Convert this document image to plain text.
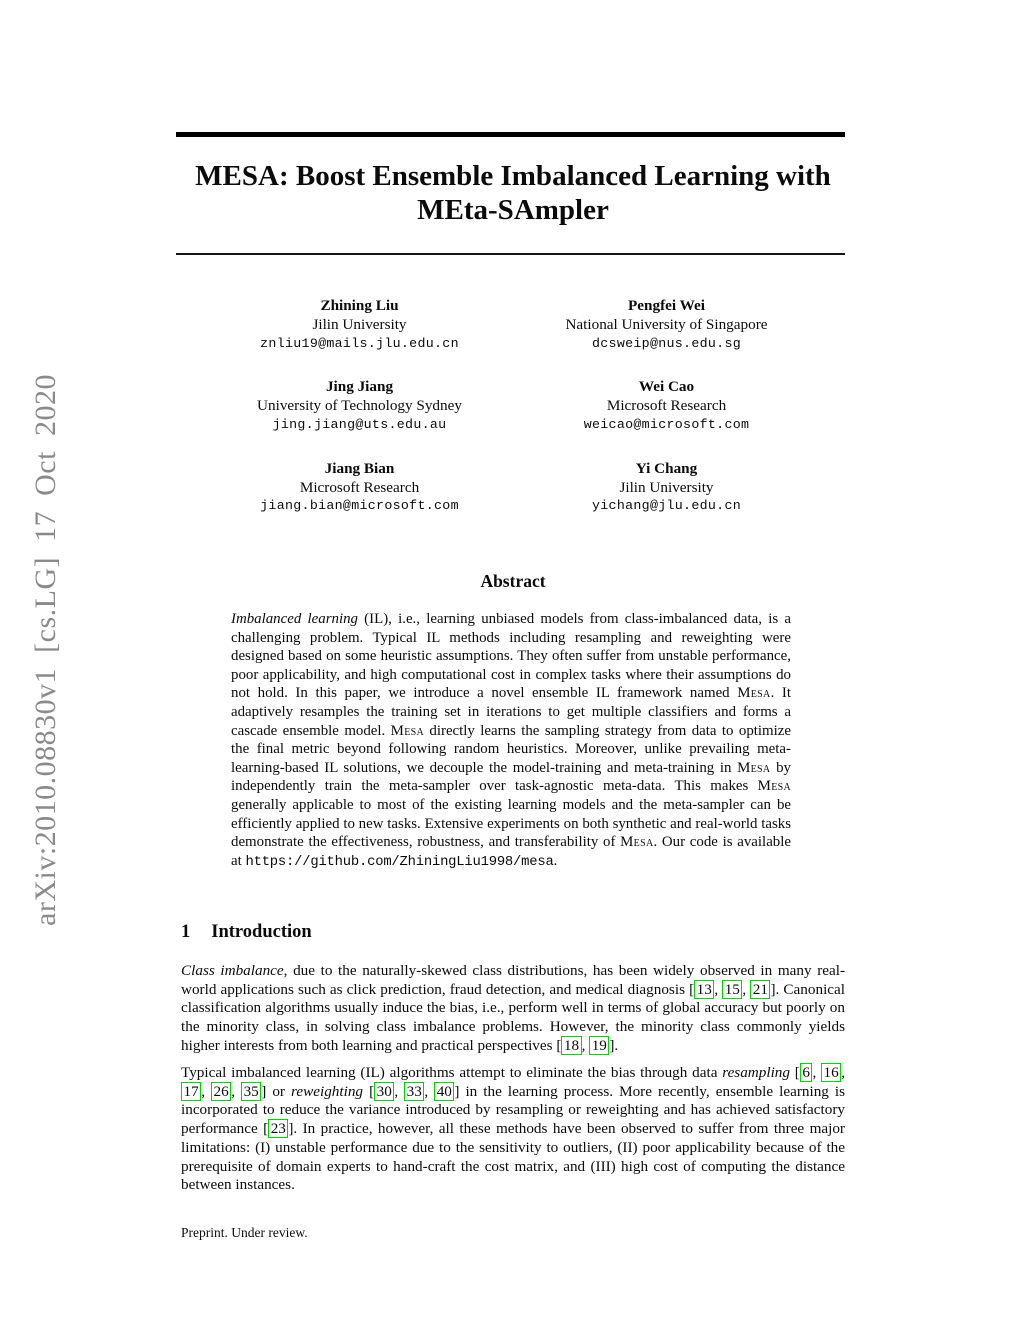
arXiv:2010.08830v1 [cs.LG] 17 Oct 2020
MESA: Boost Ensemble Imbalanced Learning with
MEta-SAmpler
Zhining Liu
Jilin University
znliu19@mails.jlu.edu.cn
Pengfei Wei
National University of Singapore
dcsweip@nus.edu.sg
Jing Jiang
University of Technology Sydney
jing.jiang@uts.edu.au
Wei Cao
Microsoft Research
weicao@microsoft.com
Jiang Bian
Microsoft Research
jiang.bian@microsoft.com
Yi Chang
Jilin University
yichang@jlu.edu.cn
Abstract
Imbalanced learning (IL), i.e., learning unbiased models from class-imbalanced data, is a challenging problem. Typical IL methods including resampling and reweighting were designed based on some heuristic assumptions. They often suffer from unstable performance, poor applicability, and high computational cost in complex tasks where their assumptions do not hold. In this paper, we introduce a novel ensemble IL framework named Mesa. It adaptively resamples the training set in iterations to get multiple classifiers and forms a cascade ensemble model. Mesa directly learns the sampling strategy from data to optimize the final metric beyond following random heuristics. Moreover, unlike prevailing meta-learning-based IL solutions, we decouple the model-training and meta-training in Mesa by independently train the meta-sampler over task-agnostic meta-data. This makes Mesa generally applicable to most of the existing learning models and the meta-sampler can be efficiently applied to new tasks. Extensive experiments on both synthetic and real-world tasks demonstrate the effectiveness, robustness, and transferability of Mesa. Our code is available at https://github.com/ZhiningLiu1998/mesa.
1 Introduction
Class imbalance, due to the naturally-skewed class distributions, has been widely observed in many real-world applications such as click prediction, fraud detection, and medical diagnosis [ 13 , 15 , 21 ]. Canonical classification algorithms usually induce the bias, i.e., perform well in terms of global accuracy but poorly on the minority class, in solving class imbalance problems. However, the minority class commonly yields higher interests from both learning and practical perspectives [ 18 , 19 ].
Typical imbalanced learning (IL) algorithms attempt to eliminate the bias through data resampling [ 6 , 16 , 17 , 26 , 35 ] or reweighting [ 30 , 33 , 40 ] in the learning process. More recently, ensemble learning is incorporated to reduce the variance introduced by resampling or reweighting and has achieved satisfactory performance [ 23 ]. In practice, however, all these methods have been observed to suffer from three major limitations: (I) unstable performance due to the sensitivity to outliers, (II) poor applicability because of the prerequisite of domain experts to hand-craft the cost matrix, and (III) high cost of computing the distance between instances.
Preprint. Under review.
